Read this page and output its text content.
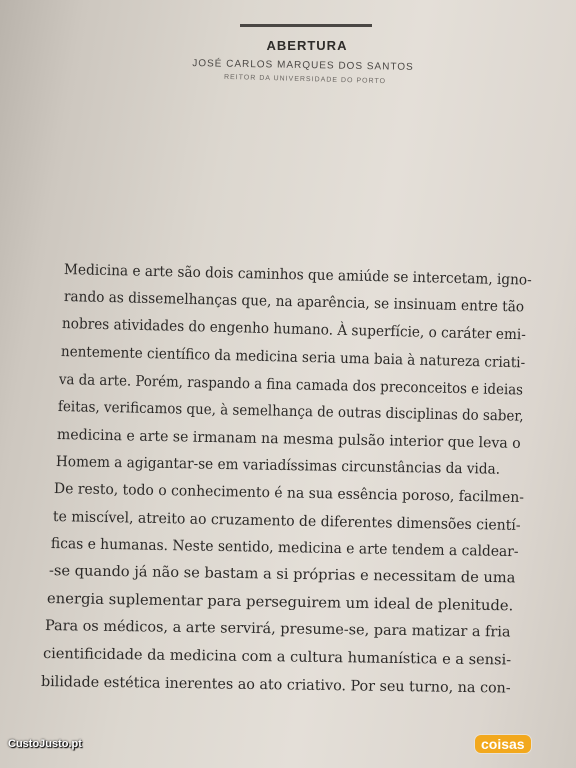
ABERTURA
JOSÉ CARLOS MARQUES DOS SANTOS
REITOR DA UNIVERSIDADE DO PORTO
Medicina e arte são dois caminhos que amiúde se intercetam, igno-
rando as dissemelhanças que, na aparência, se insinuam entre tão
nobres atividades do engenho humano. À superfície, o caráter emi-
nentemente científico da medicina seria uma baia à natureza criati-
va da arte. Porém, raspando a fina camada dos preconceitos e ideias
feitas, verificamos que, à semelhança de outras disciplinas do saber,
medicina e arte se irmanam na mesma pulsão interior que leva o
Homem a agigantar-se em variadíssimas circunstâncias da vida.
De resto, todo o conhecimento é na sua essência poroso, facilmen-
te miscível, atreito ao cruzamento de diferentes dimensões cientí-
ficas e humanas. Neste sentido, medicina e arte tendem a caldear-
-se quando já não se bastam a si próprias e necessitam de uma
energia suplementar para perseguirem um ideal de plenitude.
Para os médicos, a arte servirá, presume-se, para matizar a fria
cientificidade da medicina com a cultura humanística e a sensi-
bilidade estética inerentes ao ato criativo. Por seu turno, na con-
CustoJusto.pt	coisas
